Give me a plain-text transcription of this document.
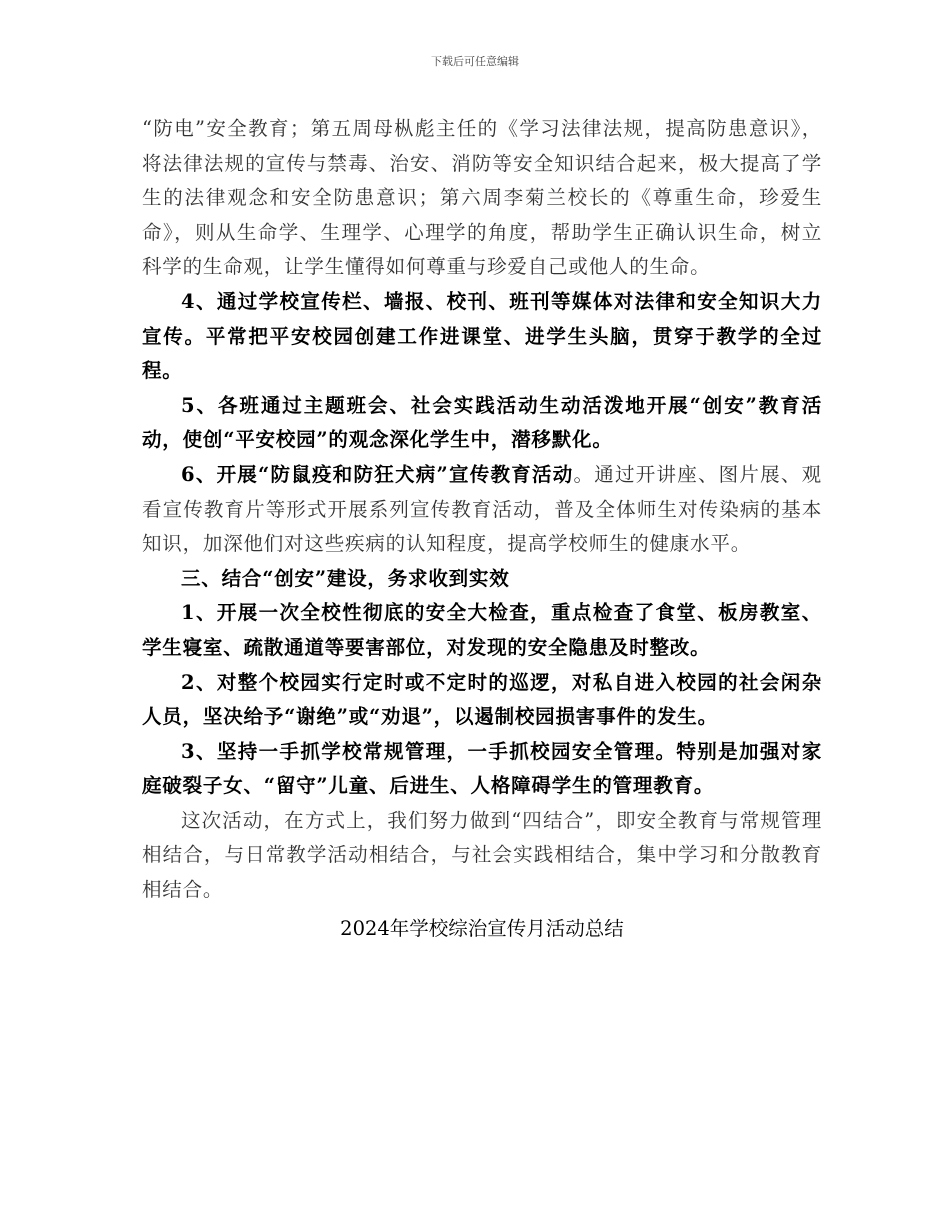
下载后可任意编辑

“防电”安全教育；第五周母枞彪主任的《学习法律法规，提高防患意识》，将法律法规的宣传与禁毒、治安、消防等安全知识结合起来，极大提高了学生的法律观念和安全防患意识；第六周李菊兰校长的《尊重生命，珍爱生命》，则从生命学、生理学、心理学的角度，帮助学生正确认识生命，树立科学的生命观，让学生懂得如何尊重与珍爱自己或他人的生命。

4、通过学校宣传栏、墙报、校刊、班刊等媒体对法律和安全知识大力宣传。平常把平安校园创建工作进课堂、进学生头脑，贯穿于教学的全过程。

5、各班通过主题班会、社会实践活动生动活泼地开展“创安”教育活动，使创“平安校园”的观念深化学生中，潜移默化。

6、开展“防鼠疫和防狂犬病”宣传教育活动。通过开讲座、图片展、观看宣传教育片等形式开展系列宣传教育活动，普及全体师生对传染病的基本知识，加深他们对这些疾病的认知程度，提高学校师生的健康水平。

三、结合“创安”建设，务求收到实效

1、开展一次全校性彻底的安全大检查，重点检查了食堂、板房教室、学生寝室、疏散通道等要害部位，对发现的安全隐患及时整改。

2、对整个校园实行定时或不定时的巡逻，对私自进入校园的社会闲杂人员，坚决给予“谢绝”或“劝退”，以遏制校园损害事件的发生。

3、坚持一手抓学校常规管理，一手抓校园安全管理。特别是加强对家庭破裂子女、“留守”儿童、后进生、人格障碍学生的管理教育。

这次活动，在方式上，我们努力做到“四结合”，即安全教育与常规管理相结合，与日常教学活动相结合，与社会实践相结合，集中学习和分散教育相结合。

2024年学校综治宣传月活动总结
